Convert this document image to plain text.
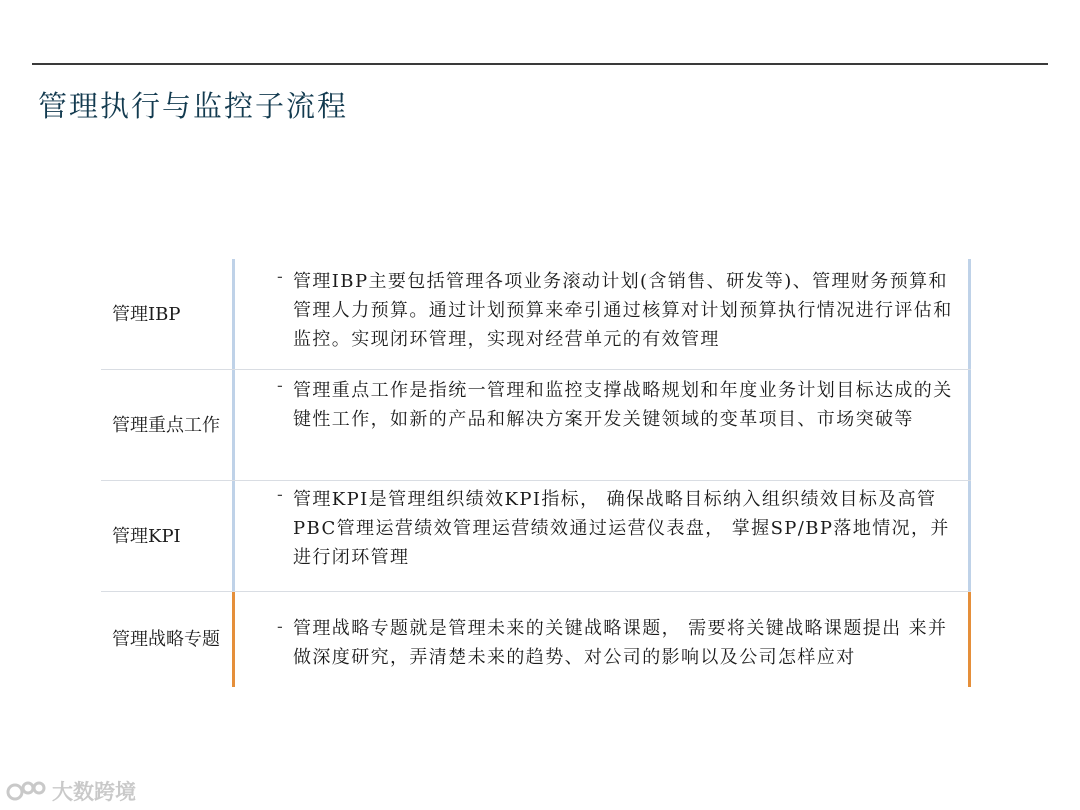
管理执行与监控子流程
管理IBP
- 管理IBP主要包括管理各项业务滚动计划(含销售、研发等)、管理财务预算和管理人力预算。通过计划预算来牵引通过核算对计划预算执行情况进行评估和监控。实现闭环管理，实现对经营单元的有效管理
管理重点工作
- 管理重点工作是指统一管理和监控支撑战略规划和年度业务计划目标达成的关键性工作，如新的产品和解决方案开发关键领域的变革项目、市场突破等
管理KPI
- 管理KPI是管理组织绩效KPI指标， 确保战略目标纳入组织绩效目标及高管PBC管理运营绩效管理运营绩效通过运营仪表盘， 掌握SP/BP落地情况，并进行闭环管理
管理战略专题
- 管理战略专题就是管理未来的关键战略课题， 需要将关键战略课题提出 来并做深度研究，弄清楚未来的趋势、对公司的影响以及公司怎样应对
大数跨境
